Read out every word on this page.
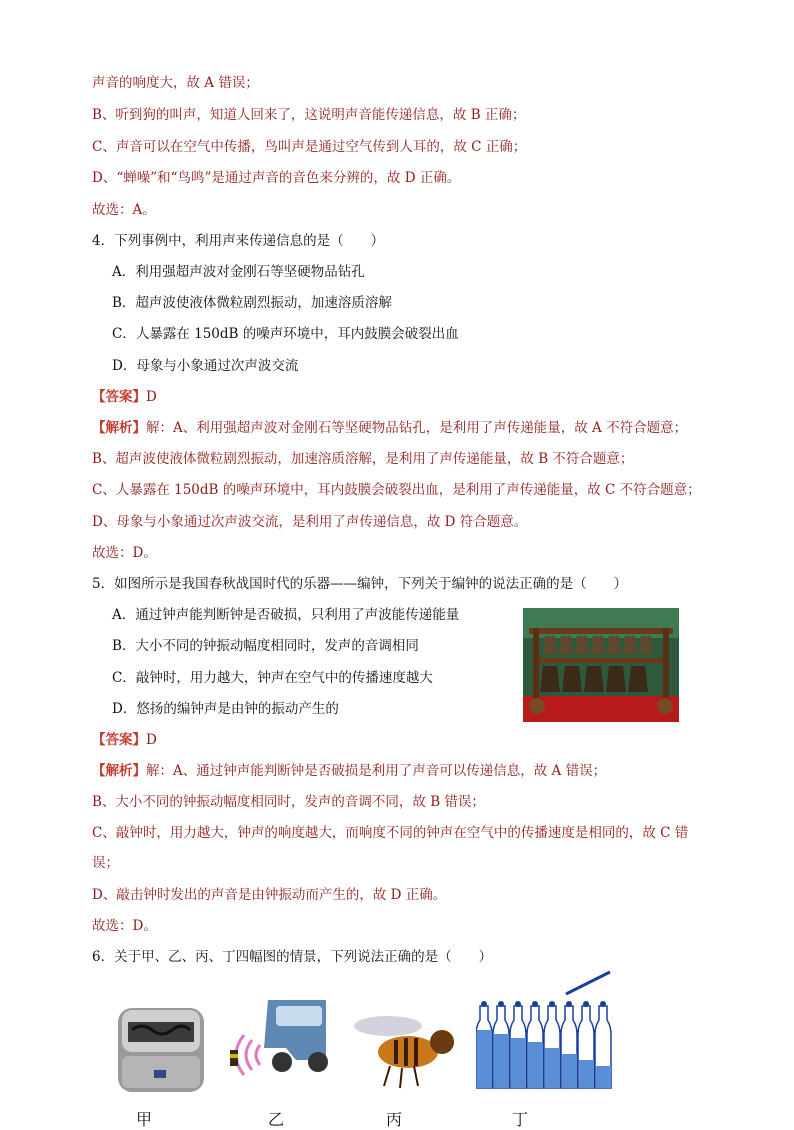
声音的响度大，故 A 错误；
B、听到狗的叫声，知道人回来了，这说明声音能传递信息，故 B 正确；
C、声音可以在空气中传播，鸟叫声是通过空气传到人耳的，故 C 正确；
D、“蝉噪”和“鸟鸣”是通过声音的音色来分辨的，故 D 正确。
故选：A。
4．下列事例中，利用声来传递信息的是（　　）
A．利用强超声波对金刚石等坚硬物品钻孔
B．超声波使液体微粒剧烈振动，加速溶质溶解
C．人暴露在 150dB 的噪声环境中，耳内鼓膜会破裂出血
D．母象与小象通过次声波交流
【答案】D
【解析】解：A、利用强超声波对金刚石等坚硬物品钻孔，是利用了声传递能量，故 A 不符合题意；
B、超声波使液体微粒剧烈振动，加速溶质溶解，是利用了声传递能量，故 B 不符合题意；
C、人暴露在 150dB 的噪声环境中，耳内鼓膜会破裂出血，是利用了声传递能量，故 C 不符合题意；
D、母象与小象通过次声波交流，是利用了声传递信息，故 D 符合题意。
故选：D。
5．如图所示是我国春秋战国时代的乐器——编钟，下列关于编钟的说法正确的是（　　）
A．通过钟声能判断钟是否破损，只利用了声波能传递能量
B．大小不同的钟振动幅度相同时，发声的音调相同
C．敲钟时，用力越大，钟声在空气中的传播速度越大
D．悠扬的编钟声是由钟的振动产生的
【答案】D
【解析】解：A、通过钟声能判断钟是否破损是利用了声音可以传递信息，故 A 错误；
B、大小不同的钟振动幅度相同时，发声的音调不同，故 B 错误；
C、敲钟时，用力越大，钟声的响度越大，而响度不同的钟声在空气中的传播速度是相同的，故 C 错
误；
D、敲击钟时发出的声音是由钟振动而产生的，故 D 正确。
故选：D。
6．关于甲、乙、丙、丁四幅图的情景，下列说法正确的是（　　）
甲	乙	丙	丁
